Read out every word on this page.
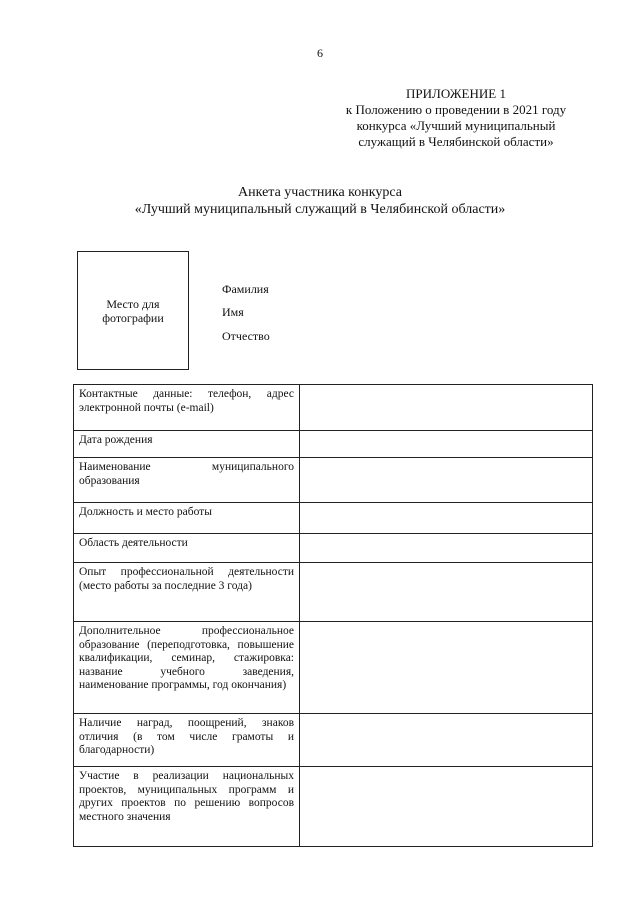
6
ПРИЛОЖЕНИЕ 1
к Положению о проведении в 2021 году
конкурса «Лучший муниципальный
служащий в Челябинской области»
Анкета участника конкурса
«Лучший муниципальный служащий в Челябинской области»
Место для
фотографии
Фамилия
Имя
Отчество
Контактные данные: телефон, адрес электронной почты (e-mail)	
Дата рождения	
Наименование муниципального образования	
Должность и место работы	
Область деятельности	
Опыт профессиональной деятельности (место работы за последние 3 года)	
Дополнительное профессиональное образование (переподготовка, повышение квалификации, семинар, стажировка: название учебного заведения, наименование программы, год окончания)	
Наличие наград, поощрений, знаков отличия (в том числе грамоты и благодарности)	
Участие в реализации национальных проектов, муниципальных программ и других проектов по решению вопросов местного значения	
